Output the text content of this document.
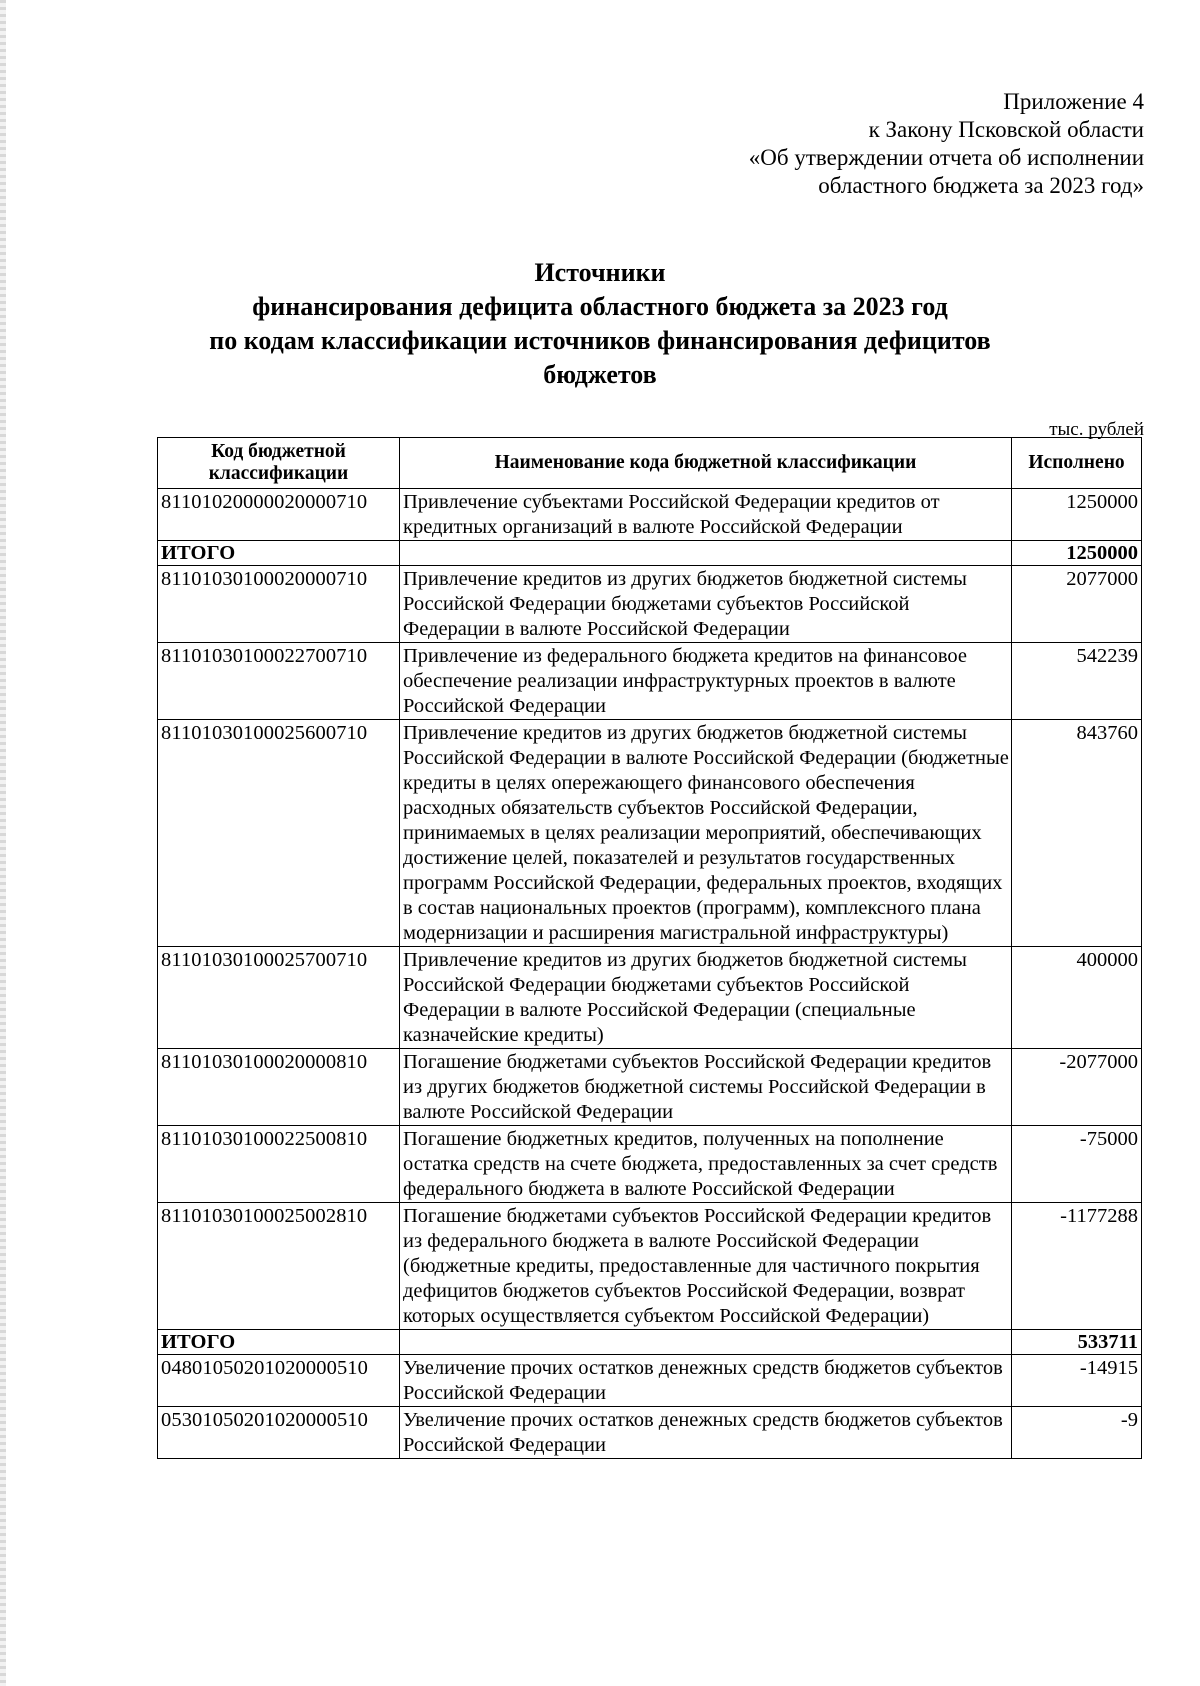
Приложение 4
к Закону Псковской области
«Об утверждении отчета об исполнении
областного бюджета за 2023 год»
Источники
финансирования дефицита областного бюджета за 2023 год
по кодам классификации источников финансирования дефицитов
бюджетов
тыс. рублей
Код бюджетной классификации	Наименование кода бюджетной классификации	Исполнено
81101020000020000710	Привлечение субъектами Российской Федерации кредитов от кредитных организаций в валюте Российской Федерации	1250000
ИТОГО		1250000
81101030100020000710	Привлечение кредитов из других бюджетов бюджетной системы Российской Федерации бюджетами субъектов Российской Федерации в валюте Российской Федерации	2077000
81101030100022700710	Привлечение из федерального бюджета кредитов на финансовое обеспечение реализации инфраструктурных проектов в валюте Российской Федерации	542239
81101030100025600710	Привлечение кредитов из других бюджетов бюджетной системы Российской Федерации в валюте Российской Федерации (бюджетные кредиты в целях опережающего финансового обеспечения расходных обязательств субъектов Российской Федерации, принимаемых в целях реализации мероприятий, обеспечивающих достижение целей, показателей и результатов государственных программ Российской Федерации, федеральных проектов, входящих в состав национальных проектов (программ), комплексного плана модернизации и расширения магистральной инфраструктуры)	843760
81101030100025700710	Привлечение кредитов из других бюджетов бюджетной системы Российской Федерации бюджетами субъектов Российской Федерации в валюте Российской Федерации (специальные казначейские кредиты)	400000
81101030100020000810	Погашение бюджетами субъектов Российской Федерации кредитов из других бюджетов бюджетной системы Российской Федерации в валюте Российской Федерации	-2077000
81101030100022500810	Погашение бюджетных кредитов, полученных на пополнение остатка средств на счете бюджета, предоставленных за счет средств федерального бюджета в валюте Российской Федерации	-75000
81101030100025002810	Погашение бюджетами субъектов Российской Федерации кредитов из федерального бюджета в валюте Российской Федерации (бюджетные кредиты, предоставленные для частичного покрытия дефицитов бюджетов субъектов Российской Федерации, возврат которых осуществляется субъектом Российской Федерации)	-1177288
ИТОГО		533711
04801050201020000510	Увеличение прочих остатков денежных средств бюджетов субъектов Российской Федерации	-14915
05301050201020000510	Увеличение прочих остатков денежных средств бюджетов субъектов Российской Федерации	-9
